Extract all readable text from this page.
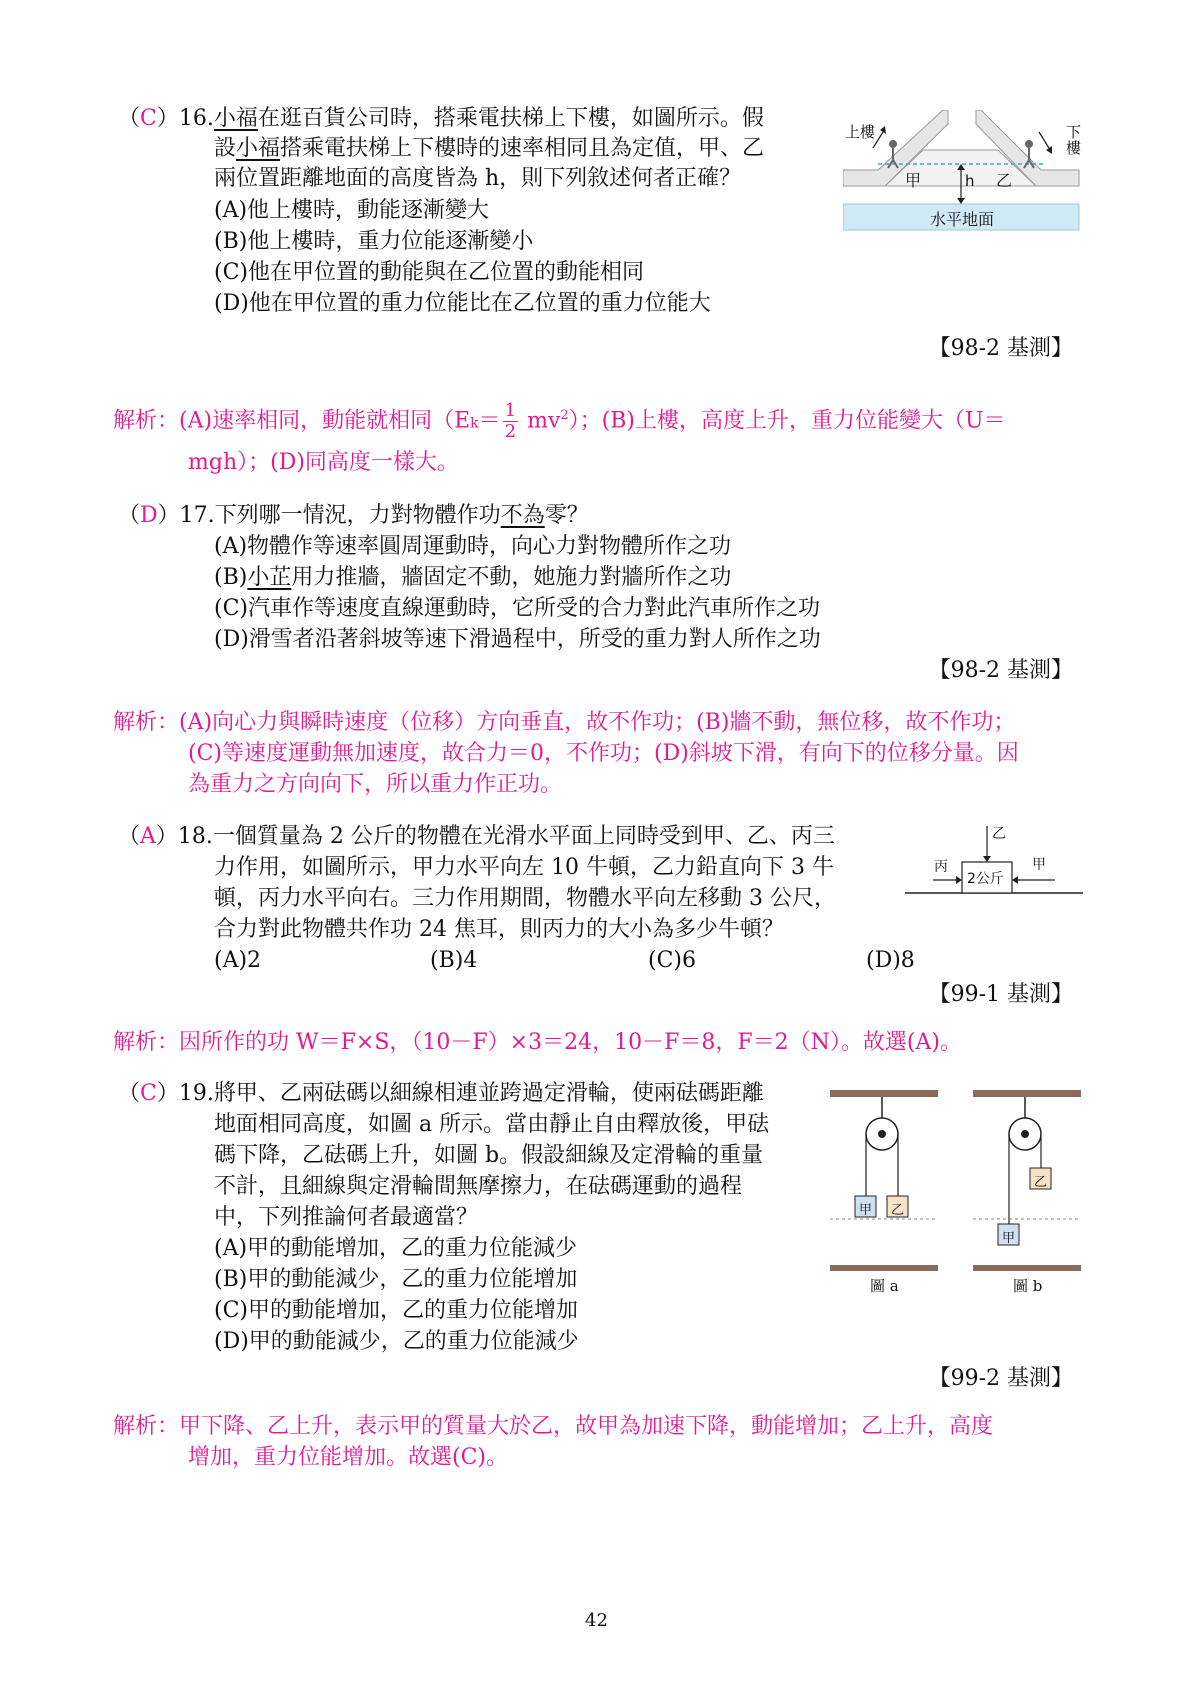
（C）16.小福在逛百貨公司時，搭乘電扶梯上下樓，如圖所示。假
設小福搭乘電扶梯上下樓時的速率相同且為定值，甲、乙
兩位置距離地面的高度皆為 h，則下列敘述何者正確？
(A)他上樓時，動能逐漸變大
(B)他上樓時，重力位能逐漸變小
(C)他在甲位置的動能與在乙位置的動能相同
(D)他在甲位置的重力位能比在乙位置的重力位能大
【98-2 基測】
上樓	下樓
甲	乙
h
水平地面
解析：(A)速率相同，動能就相同$(Ek= \frac{1}{2} mv^2)$；(B)上樓，高度上升，重力位能變大（U＝
mgh）；(D)同高度一樣大。
（D）17.下列哪一情況，力對物體作功不為零？
(A)物體作等速率圓周運動時，向心力對物體所作之功
(B)小芷用力推牆，牆固定不動，她施力對牆所作之功
(C)汽車作等速度直線運動時，它所受的合力對此汽車所作之功
(D)滑雪者沿著斜坡等速下滑過程中，所受的重力對人所作之功
【98-2 基測】
解析：(A)向心力與瞬時速度（位移）方向垂直，故不作功；(B)牆不動，無位移，故不作功；
(C)等速度運動無加速度，故合力＝0，不作功；(D)斜坡下滑，有向下的位移分量。因
為重力之方向向下，所以重力作正功。
（A）18.一個質量為 2 公斤的物體在光滑水平面上同時受到甲、乙、丙三
力作用，如圖所示，甲力水平向左 10 牛頓，乙力鉛直向下 3 牛
頓，丙力水平向右。三力作用期間，物體水平向左移動 3 公尺，
合力對此物體共作功 24 焦耳，則丙力的大小為多少牛頓？
(A)2	(B)4	(C)6	(D)8
【99-1 基測】
乙
丙	甲
2公斤
解析：因所作的功 W＝F×S，（10－F）×3＝24，10－F＝8，F＝2（N）。故選(A)。
（C）19.將甲、乙兩砝碼以細線相連並跨過定滑輪，使兩砝碼距離
地面相同高度，如圖 a 所示。當由靜止自由釋放後，甲砝
碼下降，乙砝碼上升，如圖 b。假設細線及定滑輪的重量
不計，且細線與定滑輪間無摩擦力，在砝碼運動的過程
中，下列推論何者最適當？
(A)甲的動能增加，乙的重力位能減少
(B)甲的動能減少，乙的重力位能增加
(C)甲的動能增加，乙的重力位能增加
(D)甲的動能減少，乙的重力位能減少
【99-2 基測】
甲 乙
甲
乙
圖 a	圖 b
解析：甲下降、乙上升，表示甲的質量大於乙，故甲為加速下降，動能增加；乙上升，高度
增加，重力位能增加。故選(C)。
42
